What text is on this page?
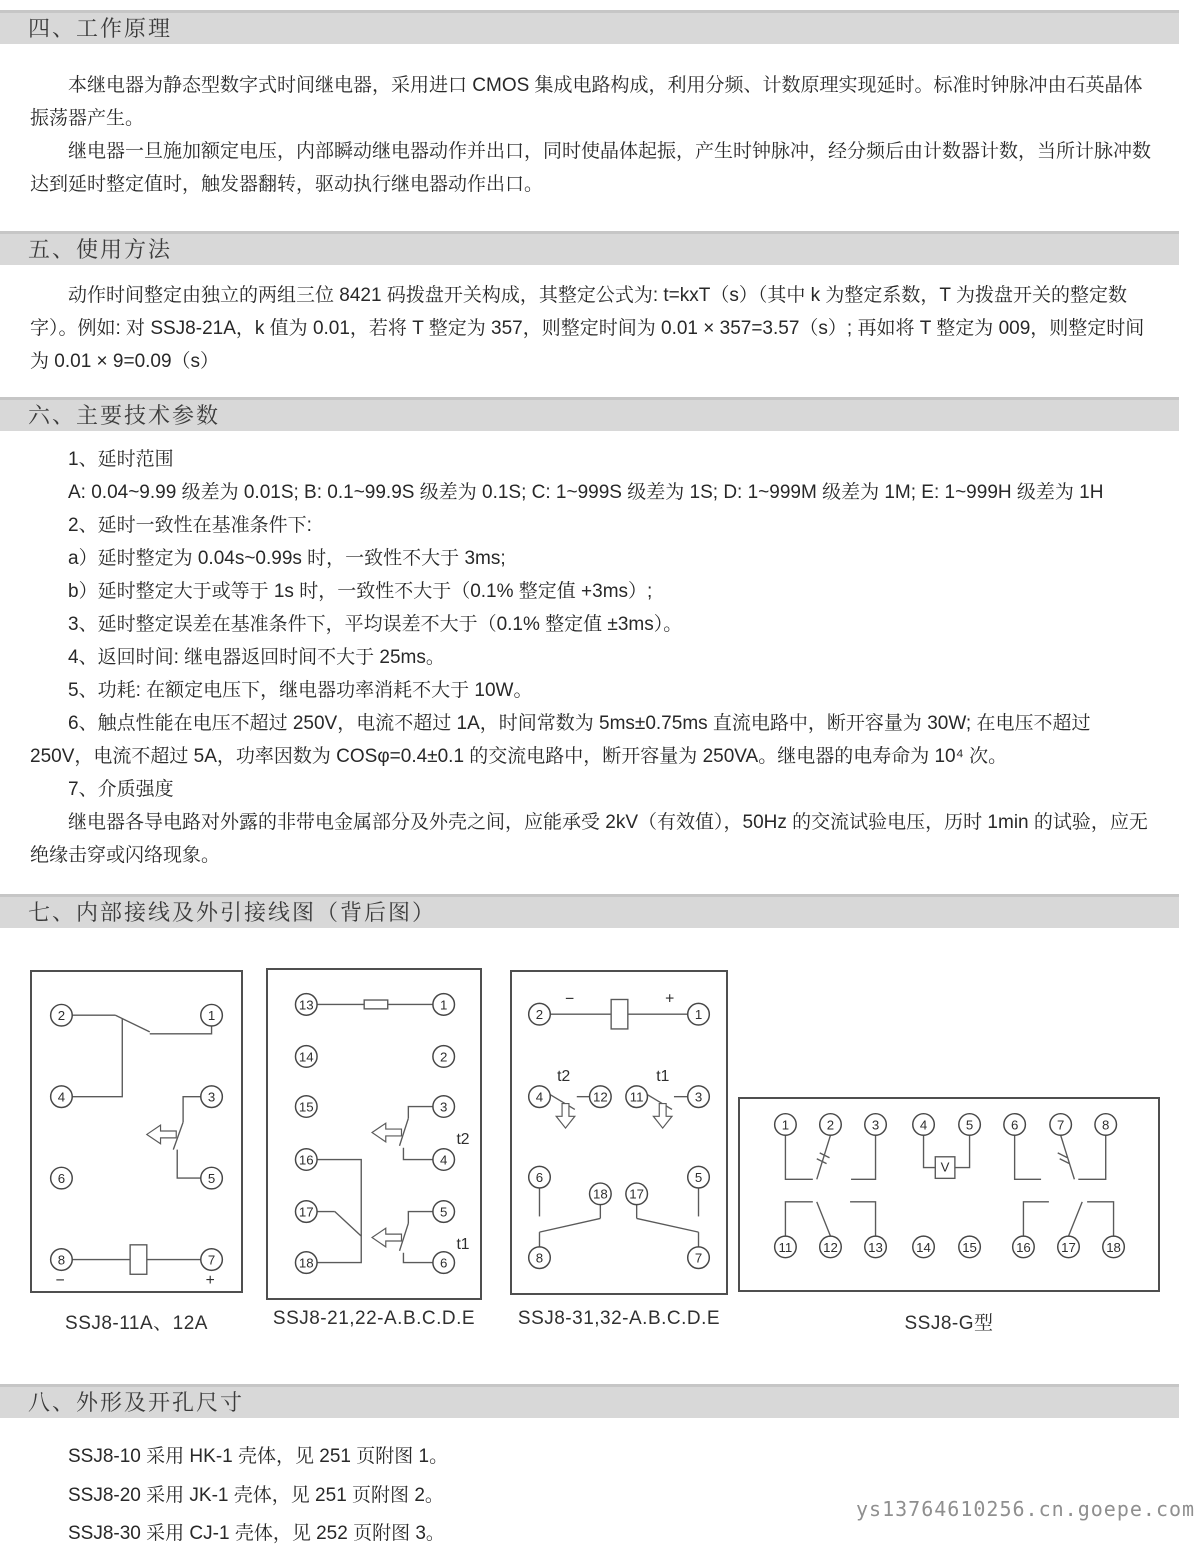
四、工作原理

本继电器为静态型数字式时间继电器，采用进口 CMOS 集成电路构成，利用分频、计数原理实现延时。标准时钟脉冲由石英晶体振荡器产生。

继电器一旦施加额定电压，内部瞬动继电器动作并出口，同时使晶体起振，产生时钟脉冲，经分频后由计数器计数，当所计脉冲数达到延时整定值时，触发器翻转，驱动执行继电器动作出口。

五、使用方法

动作时间整定由独立的两组三位 8421 码拨盘开关构成，其整定公式为: t=kxT（s）（其中 k 为整定系数，T 为拨盘开关的整定数字）。例如: 对 SSJ8-21A，k 值为 0.01，若将 T 整定为 357，则整定时间为 0.01 × 357=3.57（s）; 再如将 T 整定为 009，则整定时间为 0.01 × 9=0.09（s）

六、主要技术参数

1、延时范围

A: 0.04~9.99 级差为 0.01S; B: 0.1~99.9S 级差为 0.1S; C: 1~999S 级差为 1S; D: 1~999M 级差为 1M; E: 1~999H 级差为 1H

2、延时一致性在基准条件下:

a）延时整定为 0.04s~0.99s 时，一致性不大于 3ms;

b）延时整定大于或等于 1s 时，一致性不大于（0.1% 整定值 +3ms）;

3、延时整定误差在基准条件下，平均误差不大于（0.1% 整定值 ±3ms）。

4、返回时间: 继电器返回时间不大于 25ms。

5、功耗: 在额定电压下，继电器功率消耗不大于 10W。

6、触点性能在电压不超过 250V，电流不超过 1A，时间常数为 5ms±0.75ms 直流电路中，断开容量为 30W; 在电压不超过 250V，电流不超过 5A，功率因数为 COSφ=0.4±0.1 的交流电路中，断开容量为 250VA。继电器的电寿命为 10⁴ 次。

7、介质强度

继电器各导电路对外露的非带电金属部分及外壳之间，应能承受 2kV（有效值），50Hz 的交流试验电压，历时 1min 的试验，应无绝缘击穿或闪络现象。

七、内部接线及外引接线图（背后图）
2	1
4	3
6	5
8	7
−	+
SSJ8-11A、12A
13
14
15
16
17
18
1
2
3
4
5
6
t2
t1
SSJ8-21,22-A.B.C.D.E
2	1
4	12 11	3
6
18 17
5
8	7
−	+
t2	t1
SSJ8-31,32-A.B.C.D.E
V
1	2	3	4	5	6	7	8
11 12 13 14 15	16 17 18
SSJ8-G型
八、外形及开孔尺寸

SSJ8-10 采用 HK-1 壳体，见 251 页附图 1。

SSJ8-20 采用 JK-1 壳体，见 251 页附图 2。

SSJ8-30 采用 CJ-1 壳体，见 252 页附图 3。

ys13764610256.cn.goepe.com
